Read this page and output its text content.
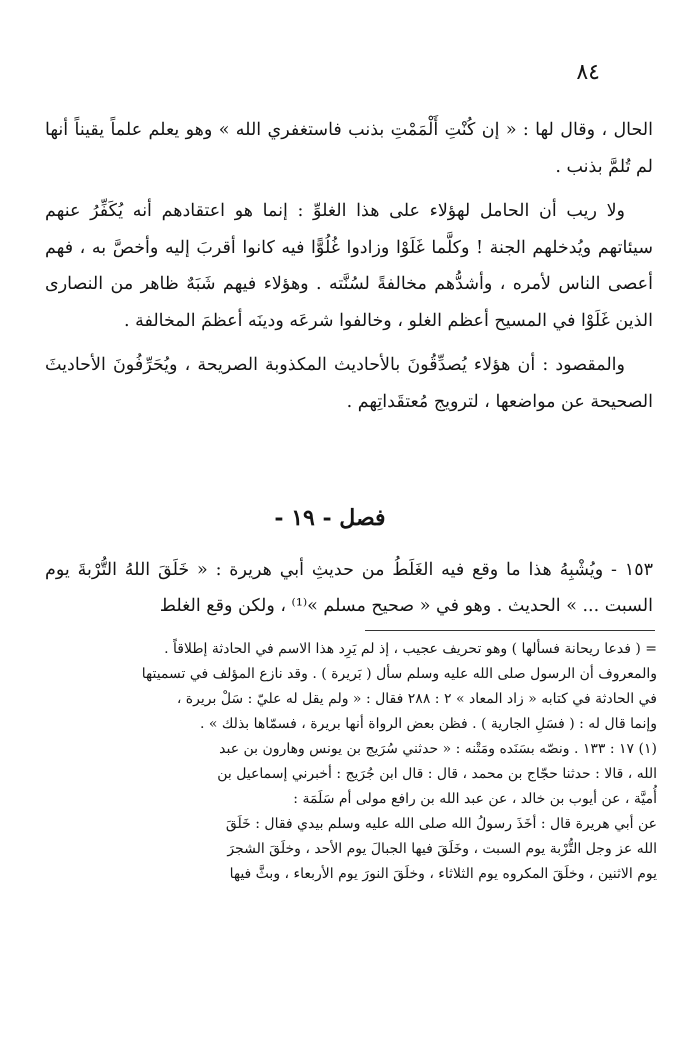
٨٤

الحال ، وقال لها : « إن كُنْتِ أَلْمَمْتِ بذنب فاستغفري الله » وهو يعلم علماً يقيناً أنها لم تُلمَّ بذنب .

ولا ريب أن الحامل لهؤلاء على هذا الغلوِّ : إنما هو اعتقادهم أنه يُكَفِّرُ عنهم سيئاتهم ويُدخلهم الجنة ! وكلَّما غَلَوْا وزادوا غُلُوًّا فيه كانوا أقربَ إليه وأخصَّ به ، فهم أعصى الناس لأمره ، وأشدُّهم مخالفةً لسُنَّته . وهؤلاء فيهم شَبَهٌ ظاهر من النصارى الذين غَلَوْا في المسيح أعظم الغلو ، وخالفوا شرعَه ودينَه أعظمَ المخالفة .

والمقصود : أن هؤلاء يُصدِّقُونَ بالأحاديث المكذوبة الصريحة ، ويُحَرِّفُونَ الأحاديثَ الصحيحة عن مواضعها ، لترويج مُعتقَداتِهم .

فصل - ١٩ -

١٥٣ - ويُشْبِهُ هذا ما وقع فيه الغَلَطُ من حديثِ أبي هريرة : « خَلَقَ اللهُ التُّرْبةَ يوم السبت ... » الحديث . وهو في « صحيح مسلم »⁽¹⁾ ، ولكن وقع الغلط

= ( فدعا ريحانة فسألها ) وهو تحريف عجيب ، إذ لم يَرِد هذا الاسم في الحادثة إطلاقاً .
والمعروف أن الرسول صلى الله عليه وسلم سأل ( بَريرة ) . وقد نازع المؤلف في تسميتها
في الحادثة في كتابه « زاد المعاد » ٢ : ٢٨٨ فقال : « ولم يقل له عليّ : سَلْ بريرة ،
وإنما قال له : ( فسَلِ الجارية ) . فظن بعض الرواة أنها بريرة ، فسمّاها بذلك » .
(١) ١٧ : ١٣٣ . ونصّه بسَنَده ومَتْنه : « حدثني سُرَيج بن يونس وهارون بن عبد
الله ، قالا : حدثنا حجّاج بن محمد ، قال : قال ابن جُرَيج : أخبرني إسماعيل بن
أُميَّة ، عن أيوب بن خالد ، عن عبد الله بن رافع مولى أم سَلَمَة :
عن أبي هريرة قال : أخَذَ رسولُ الله صلى الله عليه وسلم بيدي فقال : خَلَقَ
الله عز وجل التُّرْبة يوم السبت ، وخَلَقَ فيها الجبالَ يوم الأحد ، وخلَقَ الشجرَ
يوم الاثنين ، وخلَقَ المكروه يوم الثلاثاء ، وخلَقَ النورَ يوم الأربعاء ، وبثَّ فيها
